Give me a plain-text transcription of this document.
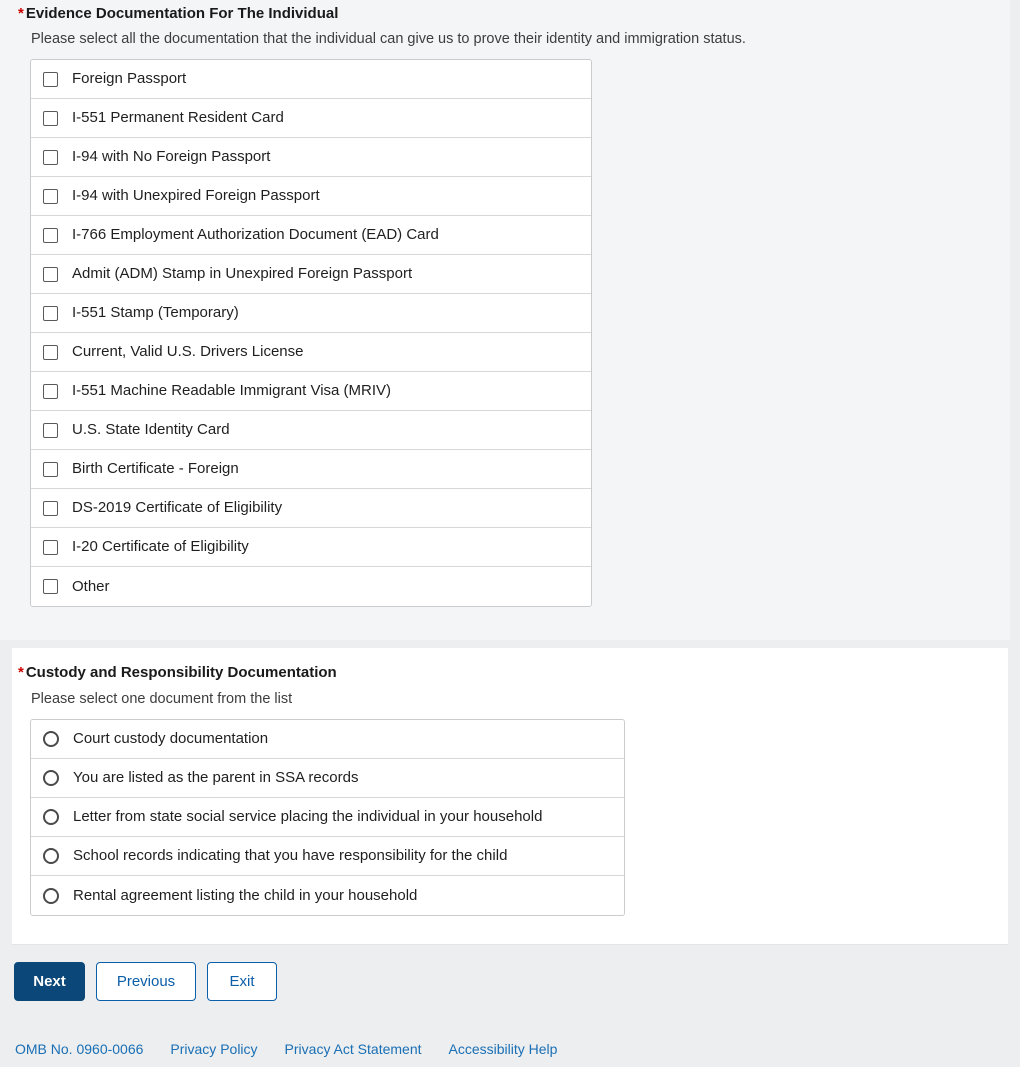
* Evidence Documentation For The Individual
Please select all the documentation that the individual can give us to prove their identity and immigration status.
Foreign Passport
I-551 Permanent Resident Card
I-94 with No Foreign Passport
I-94 with Unexpired Foreign Passport
I-766 Employment Authorization Document (EAD) Card
Admit (ADM) Stamp in Unexpired Foreign Passport
I-551 Stamp (Temporary)
Current, Valid U.S. Drivers License
I-551 Machine Readable Immigrant Visa (MRIV)
U.S. State Identity Card
Birth Certificate - Foreign
DS-2019 Certificate of Eligibility
I-20 Certificate of Eligibility
Other
* Custody and Responsibility Documentation
Please select one document from the list
Court custody documentation
You are listed as the parent in SSA records
Letter from state social service placing the individual in your household
School records indicating that you have responsibility for the child
Rental agreement listing the child in your household
Next	Previous	Exit
OMB No. 0960-0066 Privacy Policy Privacy Act Statement Accessibility Help
